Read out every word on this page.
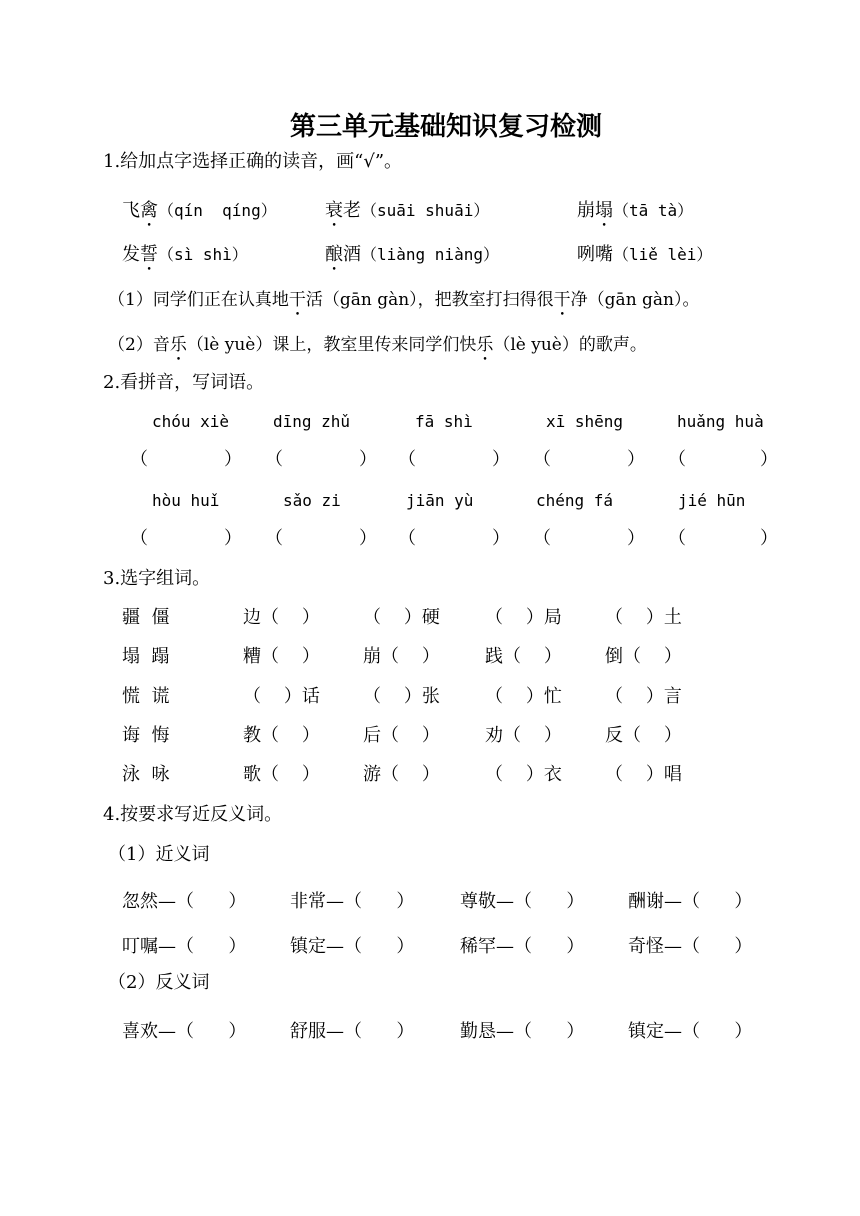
第三单元基础知识复习检测
1.给加点字选择正确的读音，画“√”。
飞禽（qín  qíng）	衰老（suāi shuāi）	崩塌（tā tà）
发誓（sì shì）	酿酒（liàng niàng）	咧嘴（liě lèi）
（1）同学们正在认真地干活（gān gàn），把教室打扫得很干净（gān gàn）。
（2）音乐（lè yuè）课上，教室里传来同学们快乐（lè yuè）的歌声。
2.看拼音，写词语。
chóu xiè	dīng zhǔ	fā shì	xī shēng	huǎng huà
（	） （	） （	） （	） （	）
hòu huǐ	sǎo zi	jiān yù	chéng fá	jié hūn
（	） （	） （	） （	） （	）
3.选字组词。
疆  僵	边（    ） （    ）硬	（    ）局 （    ）土
塌  蹋	糟（    ） 崩（    ）	践（    ） 倒（    ）
慌  谎	（    ）话 （    ）张	（    ）忙 （    ）言
诲  悔	教（    ） 后（    ）	劝（    ） 反（    ）
泳  咏	歌（    ） 游（    ）	（    ）衣 （    ）唱
4.按要求写近反义词。
（1）近义词
忽然—（      ） 非常—（      ）	尊敬—（      ） 酬谢—（      ）
叮嘱—（      ） 镇定—（      ）	稀罕—（      ） 奇怪—（      ）
（2）反义词
喜欢—（      ） 舒服—（      ）	勤恳—（      ） 镇定—（      ）
